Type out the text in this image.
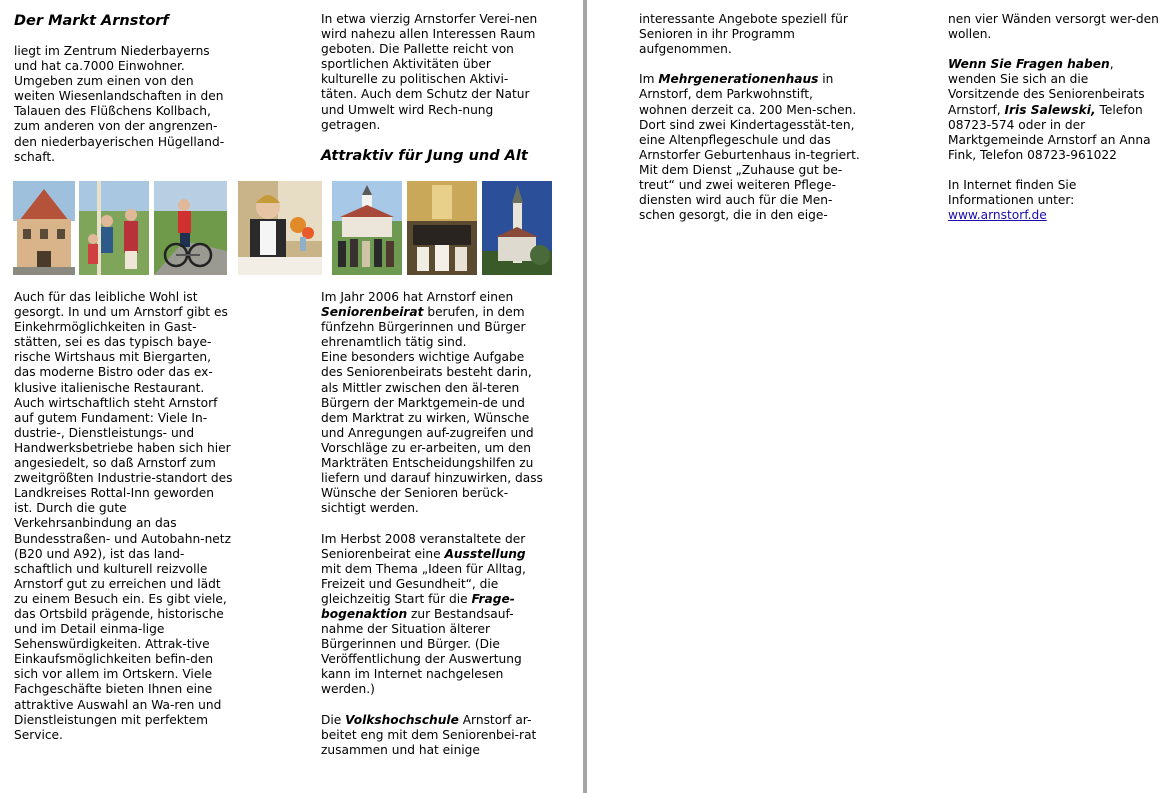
Der Markt Arnstorf

liegt im Zentrum Niederbayerns und hat ca.7000 Einwohner. Umgeben zum einen von den weiten Wiesenlandschaften in den Talauen des Flüßchens Kollbach, zum anderen von der angrenzen-den niederbayerischen Hügelland-schaft.

Auch für das leibliche Wohl ist gesorgt. In und um Arnstorf gibt es Einkehrmöglichkeiten in Gast-stätten, sei es das typisch baye-rische Wirtshaus mit Biergarten, das moderne Bistro oder das ex-klusive italienische Restaurant. Auch wirtschaftlich steht Arnstorf auf gutem Fundament: Viele In-dustrie-, Dienstleistungs- und Handwerksbetriebe haben sich hier angesiedelt, so daß Arnstorf zum zweitgrößten Industrie-standort des Landkreises Rottal-Inn geworden ist. Durch die gute Verkehrsanbindung an das Bundesstraßen- und Autobahn-netz (B20 und A92), ist das land-schaftlich und kulturell reizvolle Arnstorf gut zu erreichen und lädt zu einem Besuch ein. Es gibt viele, das Ortsbild prägende, historische und im Detail einma-lige Sehenswürdigkeiten. Attrak-tive Einkaufsmöglichkeiten befin-den sich vor allem im Ortskern. Viele Fachgeschäfte bieten Ihnen eine attraktive Auswahl an Wa-ren und Dienstleistungen mit perfektem Service.

In etwa vierzig Arnstorfer Verei-nen wird nahezu allen Interessen Raum geboten. Die Pallette reicht von sportlichen Aktivitäten über kulturelle zu politischen Aktivi-täten. Auch dem Schutz der Natur und Umwelt wird Rech-nung getragen.

Attraktiv für Jung und Alt

Im Jahr 2006 hat Arnstorf einen Seniorenbeirat berufen, in dem fünfzehn Bürgerinnen und Bürger ehrenamtlich tätig sind.

Eine besonders wichtige Aufgabe des Seniorenbeirats besteht darin, als Mittler zwischen den äl-teren Bürgern der Marktgemein-de und dem Marktrat zu wirken, Wünsche und Anregungen auf-zugreifen und Vorschläge zu er-arbeiten, um den Markträten Entscheidungshilfen zu liefern und darauf hinzuwirken, dass Wünsche der Senioren berück-sichtigt werden.

Im Herbst 2008 veranstaltete der Seniorenbeirat eine Ausstellung mit dem Thema „Ideen für Alltag, Freizeit und Gesundheit“, die gleichzeitig Start für die Frage-bogenaktion zur Bestandsauf-nahme der Situation älterer Bürgerinnen und Bürger. (Die Veröffentlichung der Auswertung kann im Internet nachgelesen werden.)

Die Volkshochschule Arnstorf ar-beitet eng mit dem Seniorenbei-rat zusammen und hat einige

interessante Angebote speziell für Senioren in ihr Programm aufgenommen.

Im Mehrgenerationenhaus in Arnstorf, dem Parkwohnstift, wohnen derzeit ca. 200 Men-schen.

Dort sind zwei Kindertagesstät-ten, eine Altenpflegeschule und das Arnstorfer Geburtenhaus in-tegriert.

Mit dem Dienst „Zuhause gut be-treut“ und zwei weiteren Pflege-diensten wird auch für die Men-schen gesorgt, die in den eige-

nen vier Wänden versorgt wer-den wollen.

Wenn Sie Fragen haben, wenden Sie sich an die Vorsitzende des Seniorenbeirats Arnstorf, Iris Salewski, Telefon 08723-574 oder in der Marktgemeinde Arnstorf an Anna Fink, Telefon 08723-961022

In Internet finden Sie Informationen unter:

www.arnstorf.de
